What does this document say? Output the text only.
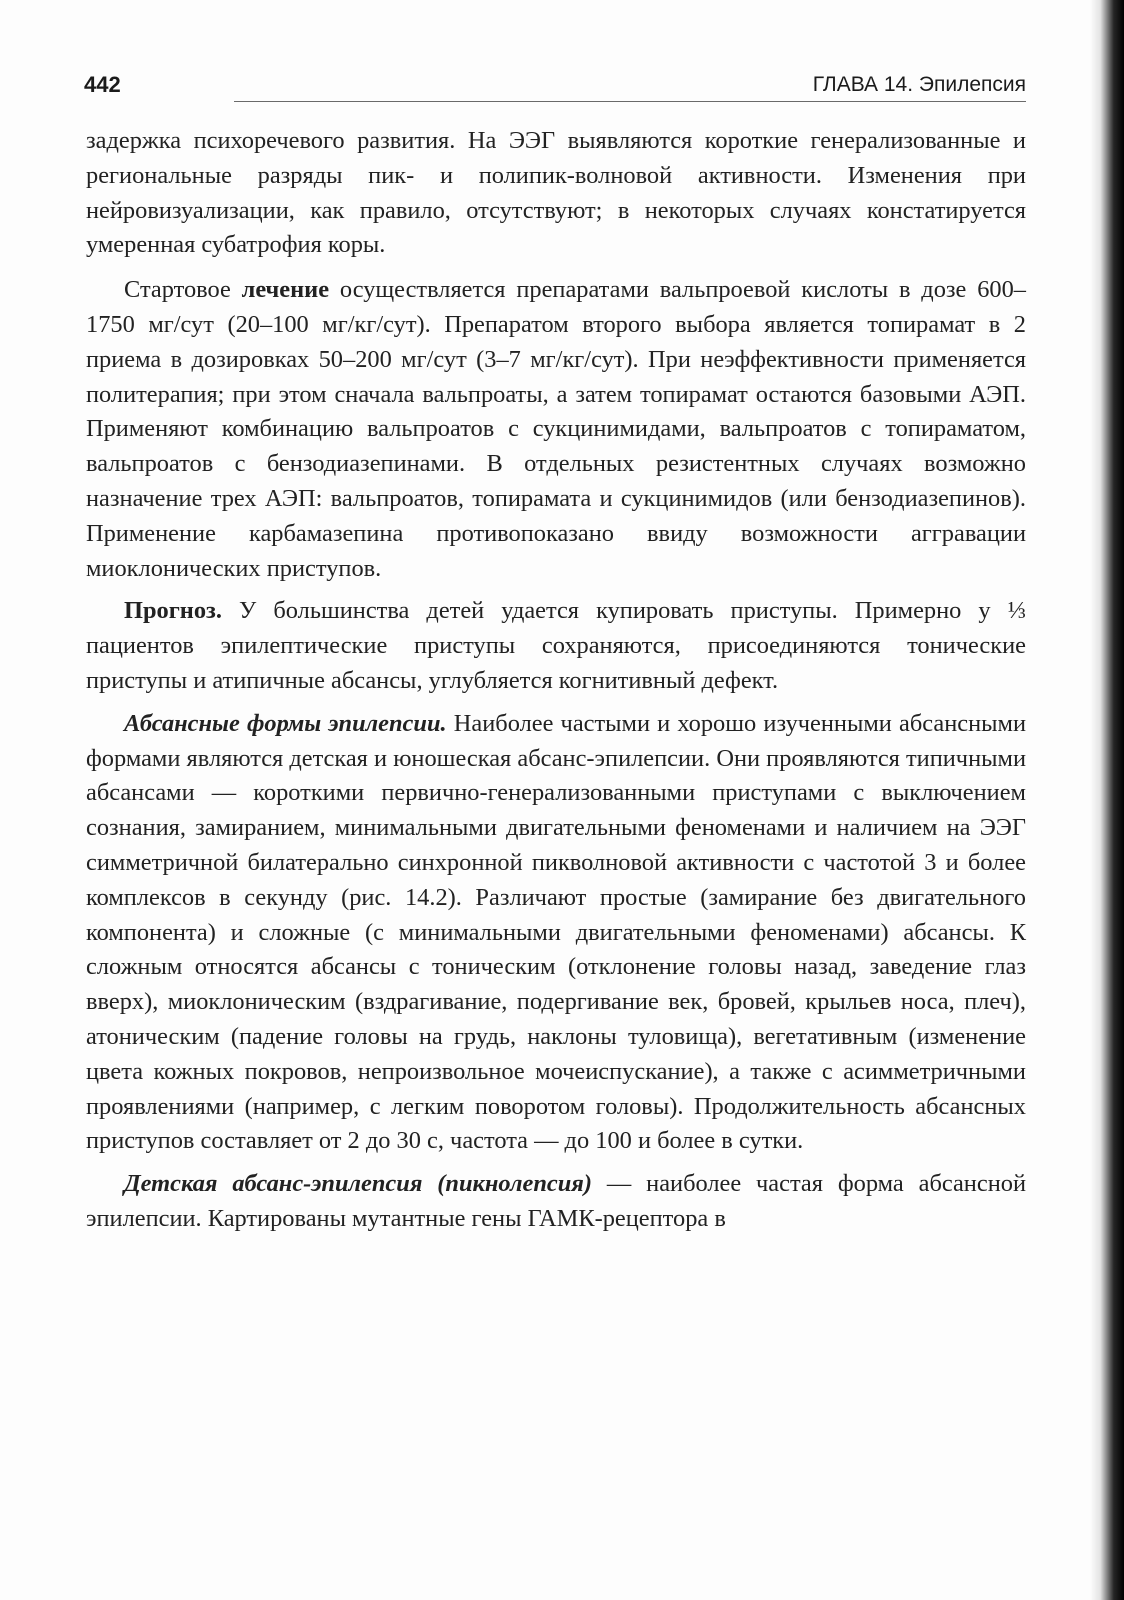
442	ГЛАВА 14. Эпилепсия

задержка психоречевого развития. На ЭЭГ выявляются короткие генерализованные и региональные разряды пик- и полипик-волновой активности. Изменения при нейровизуализации, как правило, отсутствуют; в некоторых случаях констатируется умеренная субатрофия коры.

Стартовое лечение осуществляется препаратами вальпроевой кислоты в дозе 600–1750 мг/сут (20–100 мг/кг/сут). Препаратом второго выбора является топирамат в 2 приема в дозировках 50–200 мг/сут (3–7 мг/кг/сут). При неэффективности применяется политерапия; при этом сначала вальпроаты, а затем топирамат остаются базовыми АЭП. Применяют комбинацию вальпроатов с сукцинимидами, вальпроатов с топираматом, вальпроатов с бензодиазепинами. В отдельных резистентных случаях возможно назначение трех АЭП: вальпроатов, топирамата и сукцинимидов (или бензодиазепинов). Применение карбамазепина противопоказано ввиду возможности аггравации миоклонических приступов.

Прогноз. У большинства детей удается купировать приступы. Примерно у ⅓ пациентов эпилептические приступы сохраняются, присоединяются тонические приступы и атипичные абсансы, углубляется когнитивный дефект.

Абсансные формы эпилепсии. Наиболее частыми и хорошо изученными абсансными формами являются детская и юношеская абсанс-эпилепсии. Они проявляются типичными абсансами — короткими первично-генерализованными приступами с выключением сознания, замиранием, минимальными двигательными феноменами и наличием на ЭЭГ симметричной билатерально синхронной пикволновой активности с частотой 3 и более комплексов в секунду (рис. 14.2). Различают простые (замирание без двигательного компонента) и сложные (с минимальными двигательными феноменами) абсансы. К сложным относятся абсансы с тоническим (отклонение головы назад, заведение глаз вверх), миоклоническим (вздрагивание, подергивание век, бровей, крыльев носа, плеч), атоническим (падение головы на грудь, наклоны туловища), вегетативным (изменение цвета кожных покровов, непроизвольное мочеиспускание), а также с асимметричными проявлениями (например, с легким поворотом головы). Продолжительность абсансных приступов составляет от 2 до 30 с, частота — до 100 и более в сутки.

Детская абсанс-эпилепсия (пикнолепсия) — наиболее частая форма абсансной эпилепсии. Картированы мутантные гены ГАМК-рецептора в
